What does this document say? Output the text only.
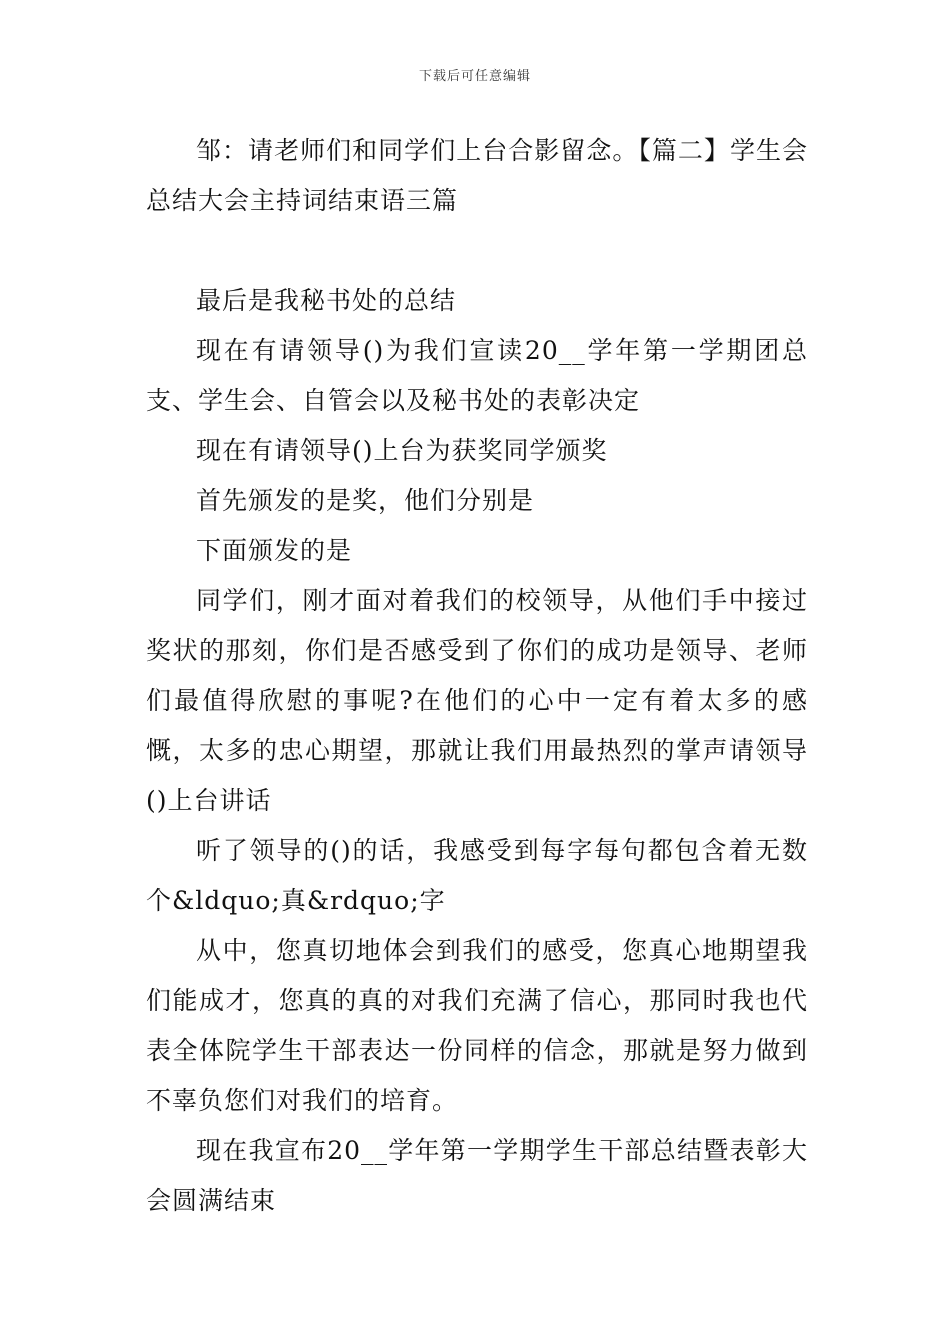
下载后可任意编辑

邹：请老师们和同学们上台合影留念。【篇二】学生会总结大会主持词结束语三篇

最后是我秘书处的总结

现在有请领导()为我们宣读20__学年第一学期团总支、学生会、自管会以及秘书处的表彰决定

现在有请领导()上台为获奖同学颁奖

首先颁发的是奖，他们分别是

下面颁发的是

同学们，刚才面对着我们的校领导，从他们手中接过奖状的那刻，你们是否感受到了你们的成功是领导、老师们最值得欣慰的事呢?在他们的心中一定有着太多的感慨，太多的忠心期望，那就让我们用最热烈的掌声请领导()上台讲话

听了领导的()的话，我感受到每字每句都包含着无数个&ldquo;真&rdquo;字

从中，您真切地体会到我们的感受，您真心地期望我们能成才，您真的真的对我们充满了信心，那同时我也代表全体院学生干部表达一份同样的信念，那就是努力做到不辜负您们对我们的培育。

现在我宣布20__学年第一学期学生干部总结暨表彰大会圆满结束
